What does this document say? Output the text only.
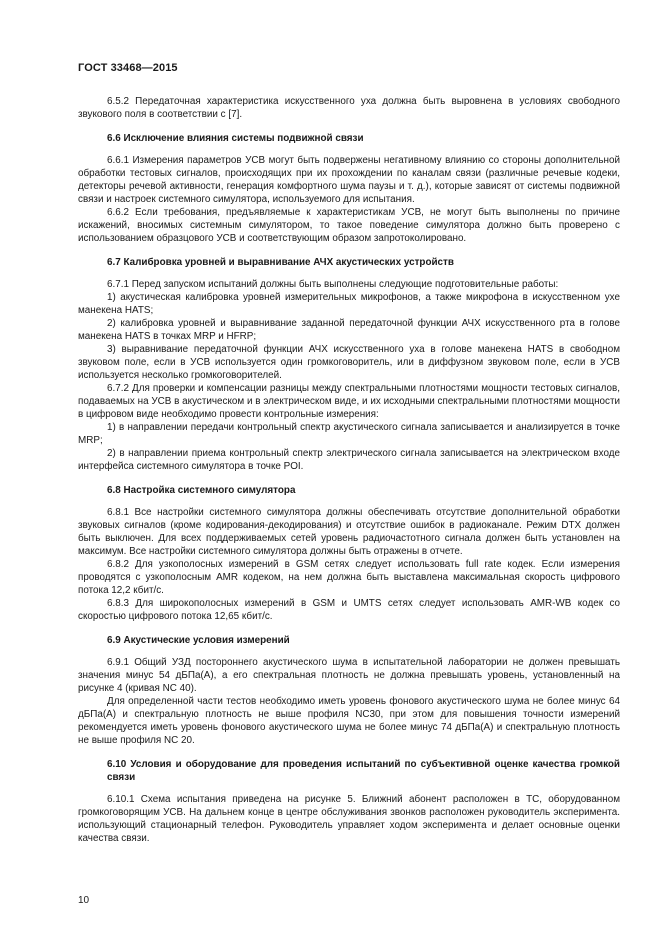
ГОСТ 33468—2015

6.5.2 Передаточная характеристика искусственного уха должна быть выровнена в условиях свободного звукового поля в соответствии с [7].

6.6 Исключение влияния системы подвижной связи

6.6.1 Измерения параметров УСВ могут быть подвержены негативному влиянию со стороны дополнительной обработки тестовых сигналов, происходящих при их прохождении по каналам связи (различные речевые кодеки, детекторы речевой активности, генерация комфортного шума паузы и т. д.), которые зависят от системы подвижной связи и настроек системного симулятора, используемого для испытания.

6.6.2 Если требования, предъявляемые к характеристикам УСВ, не могут быть выполнены по причине искажений, вносимых системным симулятором, то такое поведение симулятора должно быть проверено с использованием образцового УСВ и соответствующим образом запротоколировано.

6.7 Калибровка уровней и выравнивание АЧХ акустических устройств

6.7.1 Перед запуском испытаний должны быть выполнены следующие подготовительные работы:

1) акустическая калибровка уровней измерительных микрофонов, а также микрофона в искусственном ухе манекена HATS;

2) калибровка уровней и выравнивание заданной передаточной функции АЧХ искусственного рта в голове манекена HATS в точках MRP и HFRP;

3) выравнивание передаточной функции АЧХ искусственного уха в голове манекена HATS в свободном звуковом поле, если в УСВ используется один громкоговоритель, или в диффузном звуковом поле, если в УСВ используется несколько громкоговорителей.

6.7.2 Для проверки и компенсации разницы между спектральными плотностями мощности тестовых сигналов, подаваемых на УСВ в акустическом и в электрическом виде, и их исходными спектральными плотностями мощности в цифровом виде необходимо провести контрольные измерения:

1) в направлении передачи контрольный спектр акустического сигнала записывается и анализируется в точке MRP;

2) в направлении приема контрольный спектр электрического сигнала записывается на электрическом входе интерфейса системного симулятора в точке POI.

6.8 Настройка системного симулятора

6.8.1 Все настройки системного симулятора должны обеспечивать отсутствие дополнительной обработки звуковых сигналов (кроме кодирования-декодирования) и отсутствие ошибок в радиоканале. Режим DTX должен быть выключен. Для всех поддерживаемых сетей уровень радиочастотного сигнала должен быть установлен на максимум. Все настройки системного симулятора должны быть отражены в отчете.

6.8.2 Для узкополосных измерений в GSM сетях следует использовать full rate кодек. Если измерения проводятся с узкополосным AMR кодеком, на нем должна быть выставлена максимальная скорость цифрового потока 12,2 кбит/с.

6.8.3 Для широкополосных измерений в GSM и UMTS сетях следует использовать AMR-WB кодек со скоростью цифрового потока 12,65 кбит/с.

6.9 Акустические условия измерений

6.9.1 Общий УЗД постороннего акустического шума в испытательной лаборатории не должен превышать значения минус 54 дБПа(А), а его спектральная плотность не должна превышать уровень, установленный на рисунке 4 (кривая NC 40).

Для определенной части тестов необходимо иметь уровень фонового акустического шума не более минус 64 дБПа(А) и спектральную плотность не выше профиля NC30, при этом для повышения точности измерений рекомендуется иметь уровень фонового акустического шума не более минус 74 дБПа(А) и спектральную плотность не выше профиля NC 20.

6.10 Условия и оборудование для проведения испытаний по субъективной оценке качества громкой связи

6.10.1 Схема испытания приведена на рисунке 5. Ближний абонент расположен в ТС, оборудованном громкоговорящим УСВ. На дальнем конце в центре обслуживания звонков расположен руководитель эксперимента. использующий стационарный телефон. Руководитель управляет ходом эксперимента и делает основные оценки качества связи.

10
